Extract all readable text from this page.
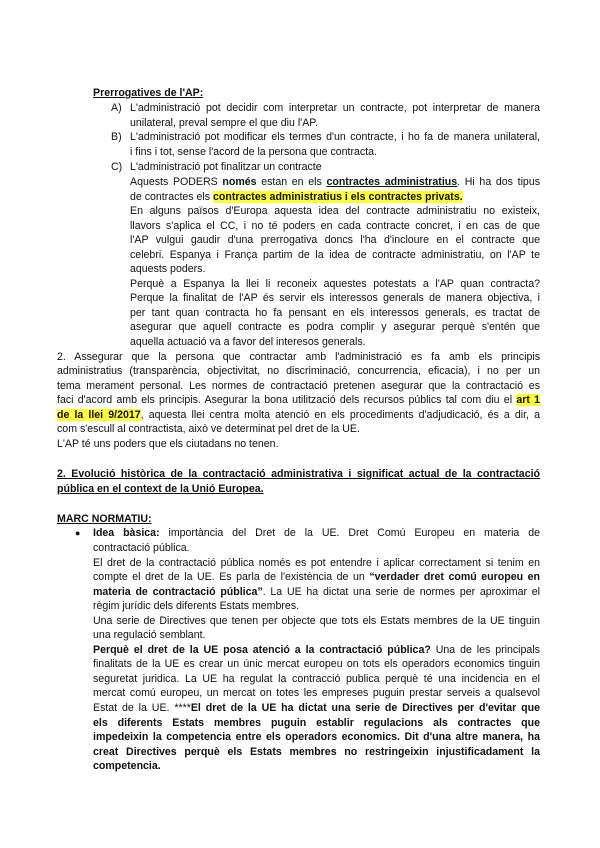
Prerrogatives de l'AP:
A) L'administració pot decidir com interpretar un contracte, pot interpretar de manera
unilateral, preval sempre el que diu l'AP.
B) L'administració pot modificar els termes d'un contracte, i ho fa de manera unilateral,
i fins i tot, sense l'acord de la persona que contracta.
C) L'administració pot finalitzar un contracte
Aquests PODERS només estan en els contractes administratius. Hi ha dos tipus
de contractes els contractes administratius i els contractes privats.
En alguns països d'Europa aquesta idea del contracte administratiu no existeix,
llavors s'aplica el CC, i no té poders en cada contracte concret, i en cas de que
l'AP vulgui gaudir d'una prerrogativa doncs l'ha d'incloure en el contracte que
celebri. Espanya i França partim de la idea de contracte administratiu, on l'AP te
aquests poders.
Perquè a Espanya la llei li reconeix aquestes potestats a l'AP quan contracta?
Perque la finalitat de l'AP és servir els interessos generals de manera objectiva, i
per tant quan contracta ho fa pensant en els interessos generals, es tractat de
asegurar que aquell contracte es podra complir y asegurar perquè s'entén que
aquella actuació va a favor del interesos generals.
2. Assegurar que la persona que contractar amb l'administració es fa amb els principis
administratius (transparència, objectivitat, no discriminació, concurrencia, eficacia), i no per un
tema merament personal. Les normes de contractació pretenen asegurar que la contractació es
faci d'acord amb els principis. Asegurar la bona utilització dels recursos públics tal com diu el art 1
de la llei 9/2017, aquesta llei centra molta atenció en els procediments d'adjudicació, és a dir, a
com s'escull al contractista, això ve determinat pel dret de la UE.
L'AP té uns poders que els ciutadans no tenen.
2. Evolució històrica de la contractació administrativa i significat actual de la contractació
pública en el context de la Unió Europea.
MARC NORMATIU:
● Idea bàsica: importància del Dret de la UE. Dret Comú Europeu en materia de
contractació pública.
El dret de la contractació pública només es pot entendre i aplicar correctament si tenim en
compte el dret de la UE. Es parla de l'existència de un “verdader dret comú europeu en
materia de contractació pública”. La UE ha dictat una serie de normes per aproximar el
règim jurídic dels diferents Estats membres.
Una serie de Directives que tenen per objecte que tots els Estats membres de la UE tinguin
una regulació semblant.
Perquè el dret de la UE posa atenció a la contractació pública? Una de les principals
finalitats de la UE es crear un únic mercat europeu on tots els operadors economics tinguin
seguretat juridica. La UE ha regulat la contracció publica perquè té una incidencia en el
mercat comú europeu, un mercat on totes les empreses puguin prestar serveis a qualsevol
Estat de la UE. ****El dret de la UE ha dictat una serie de Directives per d'evitar que
els diferents Estats membres puguin establir regulacions als contractes que
impedeixin la competencia entre els operadors economics. Dit d'una altre manera, ha
creat Directives perquè els Estats membres no restringeixin injustificadament la
competencia.
